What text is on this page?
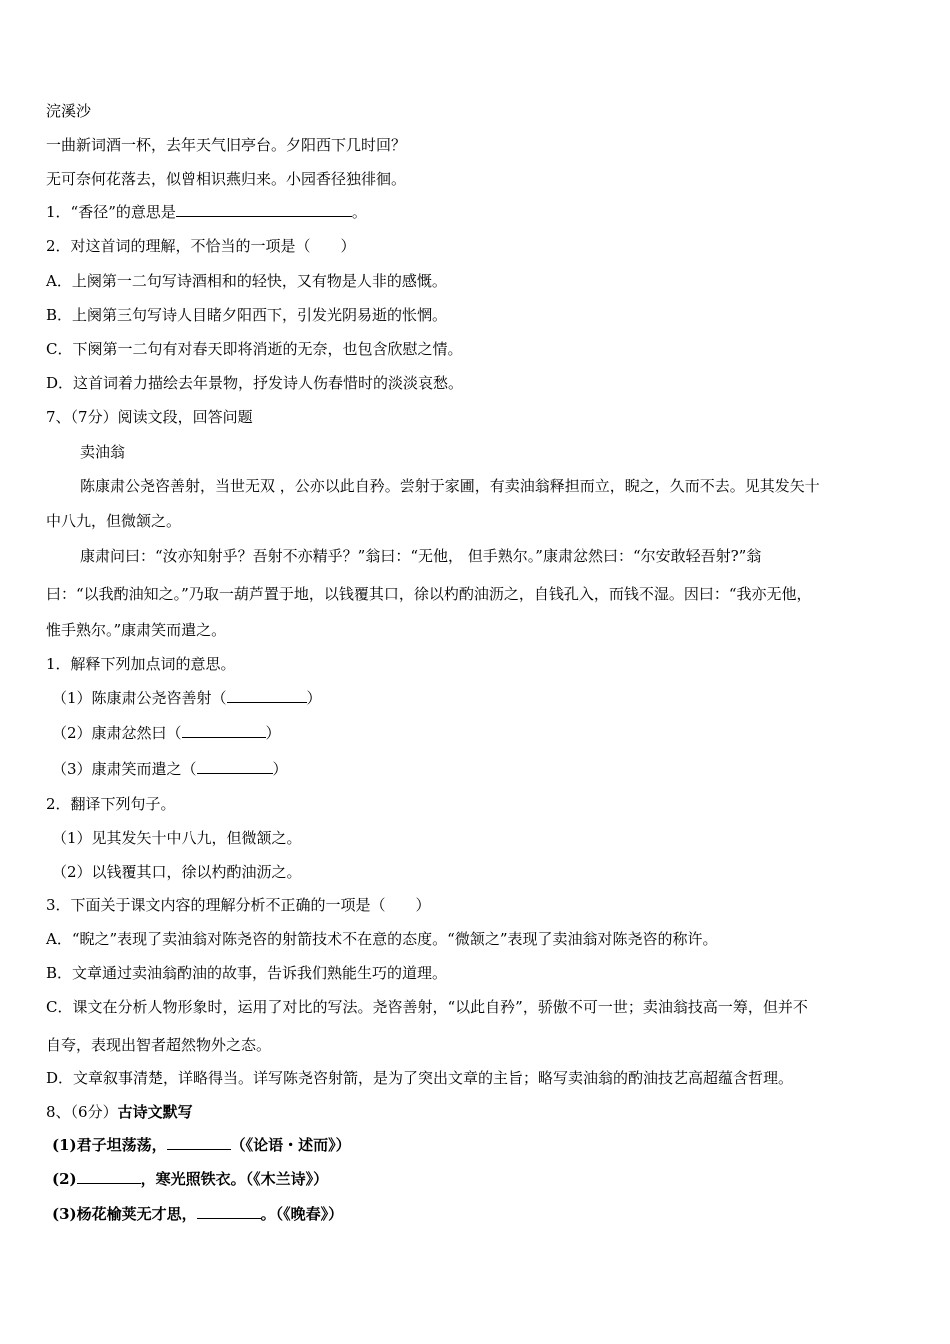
浣溪沙
一曲新词酒一杯，去年天气旧亭台。夕阳西下几时回？
无可奈何花落去，似曾相识燕归来。小园香径独徘徊。
1．“香径”的意思是	。
2．对这首词的理解，不恰当的一项是（　　）
A．上阕第一二句写诗酒相和的轻快，又有物是人非的感慨。
B．上阕第三句写诗人目睹夕阳西下，引发光阴易逝的怅惘。
C．下阕第一二句有对春天即将消逝的无奈，也包含欣慰之情。
D．这首词着力描绘去年景物，抒发诗人伤春惜时的淡淡哀愁。
7、（7分）阅读文段，回答问题
卖油翁
陈康肃公尧咨善射，当世无双 ，公亦以此自矜。尝射于家圃，有卖油翁释担而立，睨之，久而不去。见其发矢十
中八九，但微颔之。
康肃问曰：“汝亦知射乎？吾射不亦精乎？”翁曰：“无他， 但手熟尔。”康肃忿然曰：“尔安敢轻吾射?”翁
曰：“以我酌油知之。”乃取一葫芦置于地，以钱覆其口，徐以杓酌油沥之，自钱孔入，而钱不湿。因曰：“我亦无他，
惟手熟尔。”康肃笑而遣之。
1．解释下列加点词的意思。
（1）陈康肃公尧咨善射（	）
（2）康肃忿然曰（	）
（3）康肃笑而遣之（	）
2．翻译下列句子。
（1）见其发矢十中八九，但微颔之。
（2）以钱覆其口，徐以杓酌油沥之。
3．下面关于课文内容的理解分析不正确的一项是（　　）
A．“睨之”表现了卖油翁对陈尧咨的射箭技术不在意的态度。“微颔之”表现了卖油翁对陈尧咨的称许。
B．文章通过卖油翁酌油的故事，告诉我们熟能生巧的道理。
C．课文在分析人物形象时，运用了对比的写法。尧咨善射，“以此自矜”，骄傲不可一世；卖油翁技高一筹，但并不
自夸，表现出智者超然物外之态。
D．文章叙事清楚，详略得当。详写陈尧咨射箭，是为了突出文章的主旨；略写卖油翁的酌油技艺高超蕴含哲理。
8、（6分）古诗文默写
(1)君子坦荡荡，	（《论语・述而》）
(2)	，寒光照铁衣。（《木兰诗》）
(3)杨花榆荚无才思，	。（《晚春》）
